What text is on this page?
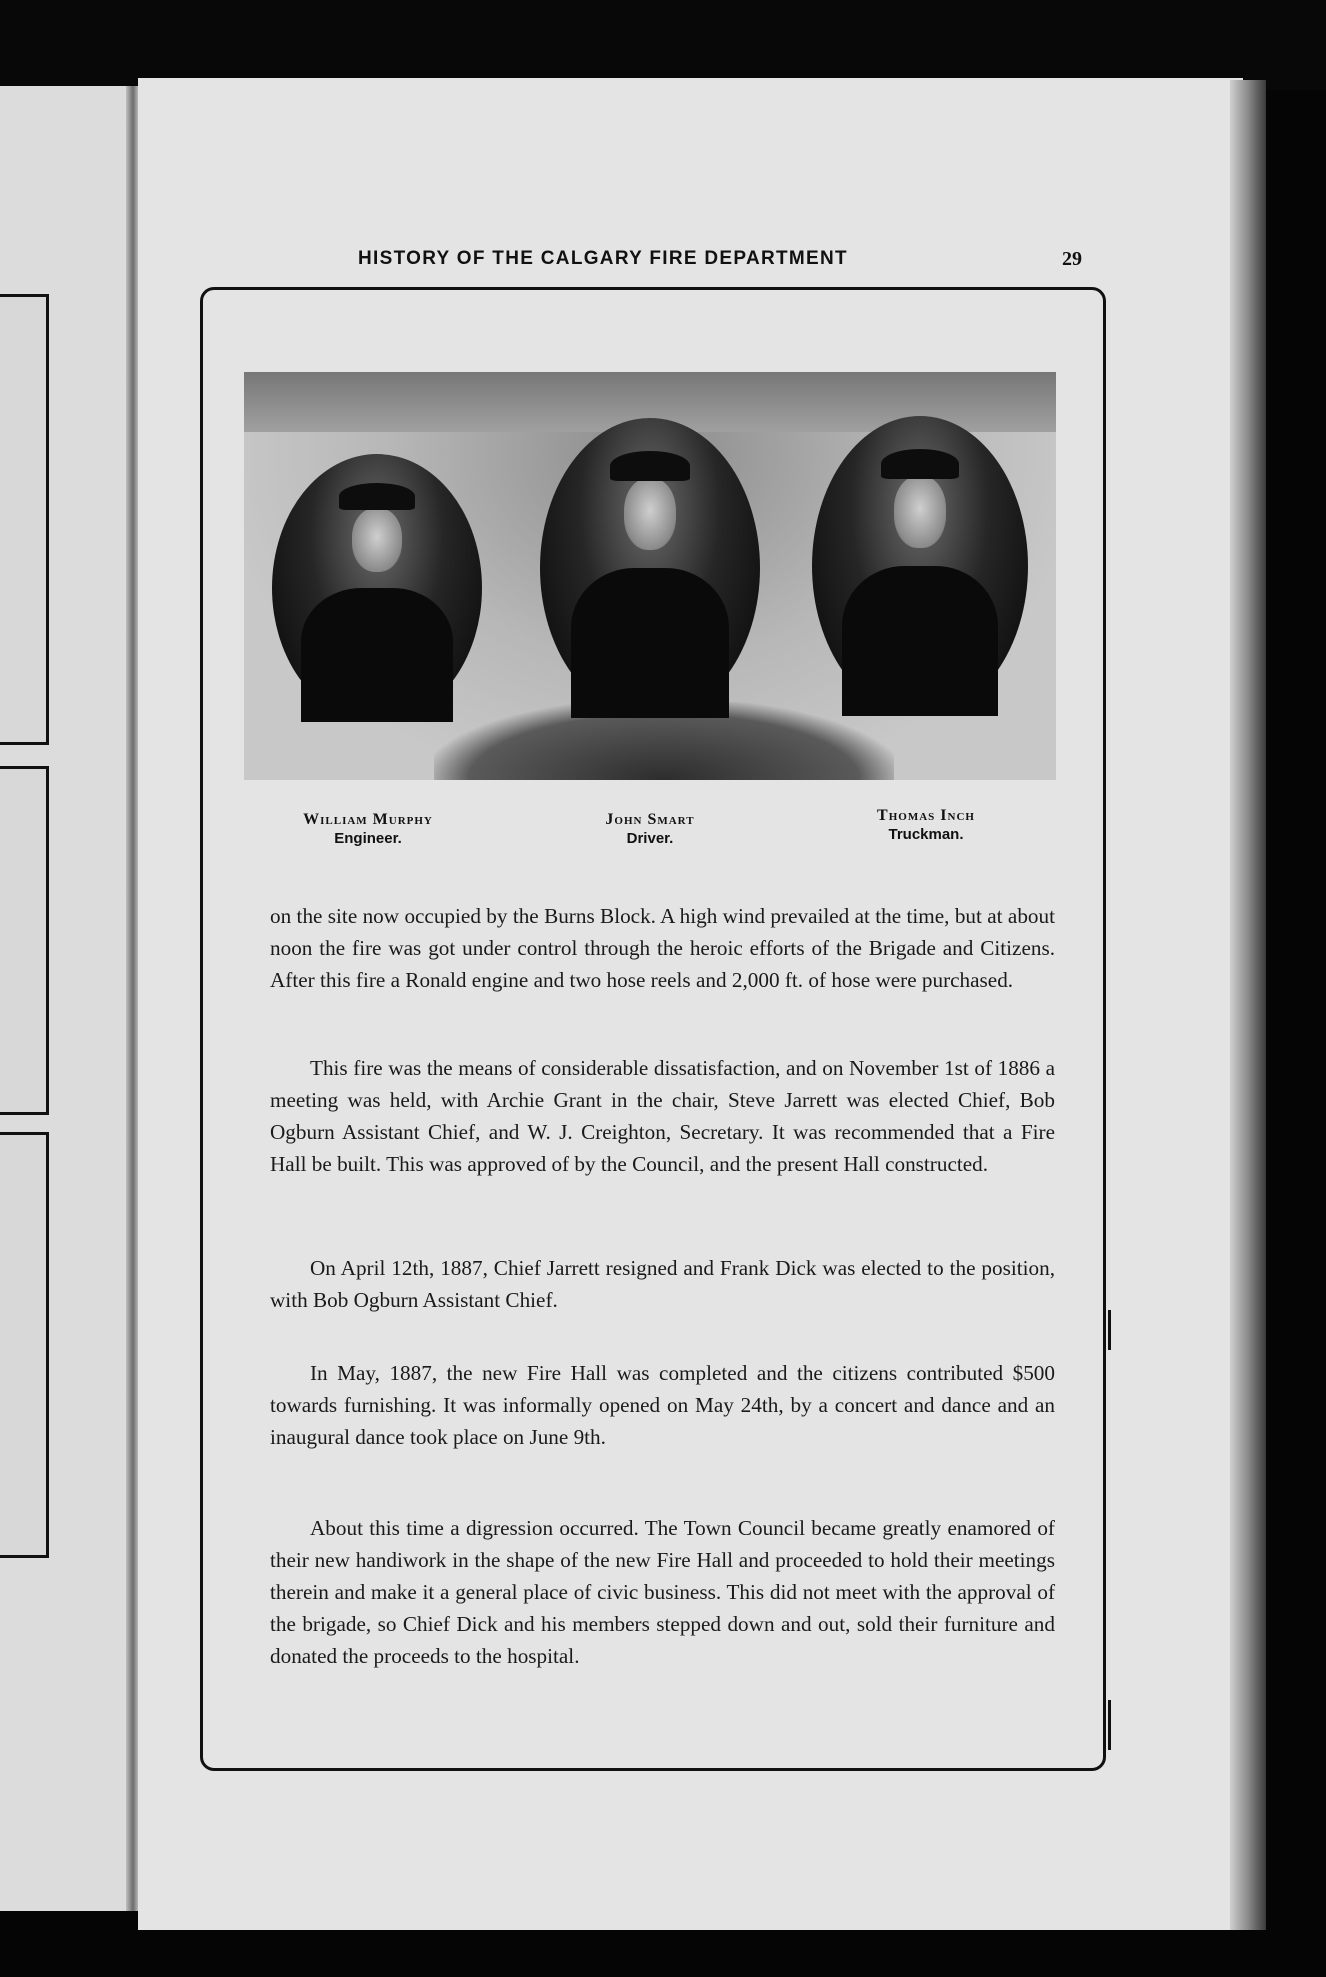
HISTORY OF THE CALGARY FIRE DEPARTMENT	29
William Murphy
Engineer.
John Smart
Driver.
Thomas Inch
Truckman.

on the site now occupied by the Burns Block. A high wind prevailed at the time, but at about noon the fire was got under control through the heroic efforts of the Brigade and Citizens. After this fire a Ronald engine and two hose reels and 2,000 ft. of hose were purchased.

This fire was the means of considerable dissatisfaction, and on November 1st of 1886 a meeting was held, with Archie Grant in the chair, Steve Jarrett was elected Chief, Bob Ogburn Assistant Chief, and W. J. Creighton, Secretary. It was recommended that a Fire Hall be built. This was approved of by the Council, and the present Hall constructed.

On April 12th, 1887, Chief Jarrett resigned and Frank Dick was elected to the position, with Bob Ogburn Assistant Chief.

In May, 1887, the new Fire Hall was completed and the citizens contributed $500 towards furnishing. It was informally opened on May 24th, by a concert and dance and an inaugural dance took place on June 9th.

About this time a digression occurred. The Town Council became greatly enamored of their new handiwork in the shape of the new Fire Hall and proceeded to hold their meetings therein and make it a general place of civic business. This did not meet with the approval of the brigade, so Chief Dick and his members stepped down and out, sold their furniture and donated the proceeds to the hospital.
